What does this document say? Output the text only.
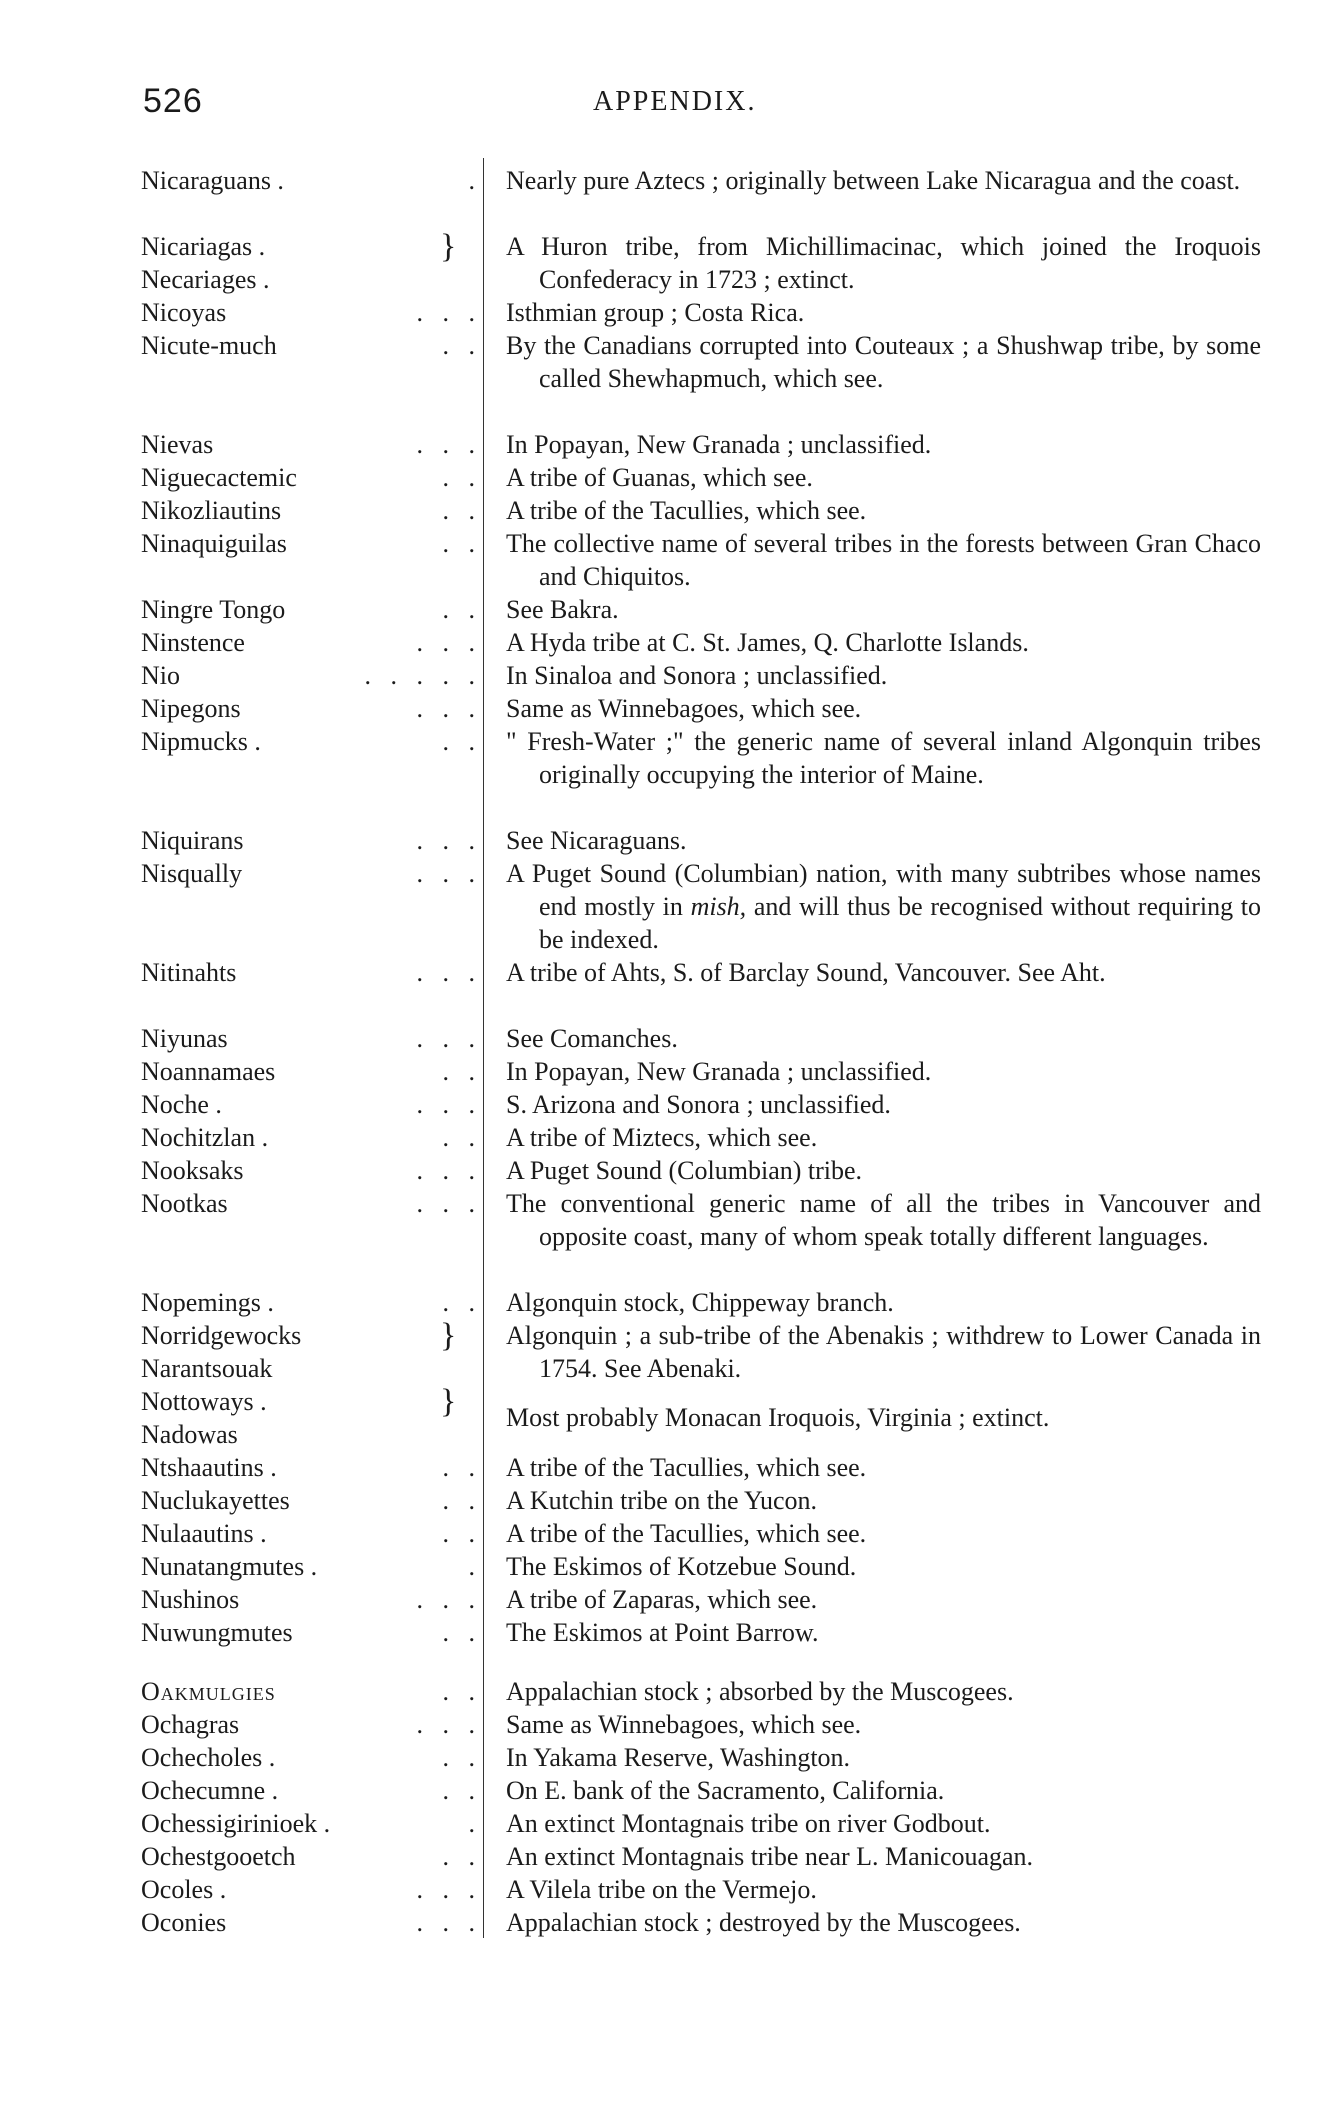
526	APPENDIX.
Nicaraguans .	. Nearly pure Aztecs ; originally between Lake Nicaragua and the coast.
Nicariagas .	} A Huron tribe, from Michillimacinac, which joined the Iroquois Confederacy in 1723 ; extinct.
Necariages .
Nicoyas	.   .   . Isthmian group ; Costa Rica.
Nicute-much	.   . By the Canadians corrupted into Couteaux ; a Shushwap tribe, by some called Shewhapmuch, which see.
Nievas	.   .   . In Popayan, New Granada ; unclassified.
Niguecactemic	.   . A tribe of Guanas, which see.
Nikozliautins	.   . A tribe of the Tacullies, which see.
Ninaquiguilas	.   . The collective name of several tribes in the forests between Gran Chaco and Chiquitos.
Ningre Tongo	.   . See Bakra.
Ninstence	.   .   . A Hyda tribe at C. St. James, Q. Charlotte Islands.
Nio	.   .   .   .   . In Sinaloa and Sonora ; unclassified.
Nipegons	.   .   . Same as Winnebagoes, which see.
Nipmucks .	.   . " Fresh-Water ;" the generic name of several inland Algonquin tribes originally occupying the interior of Maine.
Niquirans	.   .   . See Nicaraguans.
Nisqually	.   .   . A Puget Sound (Columbian) nation, with many subtribes whose names end mostly in mish, and will thus be recognised without requiring to be indexed.
Nitinahts	.   .   . A tribe of Ahts, S. of Barclay Sound, Vancouver. See Aht.
Niyunas	.   .   . See Comanches.
Noannamaes	.   . In Popayan, New Granada ; unclassified.
Noche .	.   .   . S. Arizona and Sonora ; unclassified.
Nochitzlan .	.   . A tribe of Miztecs, which see.
Nooksaks	.   .   . A Puget Sound (Columbian) tribe.
Nootkas	.   .   . The conventional generic name of all the tribes in Vancouver and opposite coast, many of whom speak totally different languages.
Nopemings .	.   . Algonquin stock, Chippeway branch.
Norridgewocks	} Algonquin ; a sub-tribe of the Abenakis ; withdrew to Lower Canada in 1754. See Abenaki.
Narantsouak
Nottoways .	} Most probably Monacan Iroquois, Virginia ; extinct.
Nadowas
Ntshaautins .	.   . A tribe of the Tacullies, which see.
Nuclukayettes	.   . A Kutchin tribe on the Yucon.
Nulaautins .	.   . A tribe of the Tacullies, which see.
Nunatangmutes .	. The Eskimos of Kotzebue Sound.
Nushinos	.   .   . A tribe of Zaparas, which see.
Nuwungmutes	.   . The Eskimos at Point Barrow.
Oakmulgies	.   . Appalachian stock ; absorbed by the Muscogees.
Ochagras	.   .   . Same as Winnebagoes, which see.
Ochecholes .	.   . In Yakama Reserve, Washington.
Ochecumne .	.   . On E. bank of the Sacramento, California.
Ochessigirinioek .	. An extinct Montagnais tribe on river Godbout.
Ochestgooetch	.   . An extinct Montagnais tribe near L. Manicouagan.
Ocoles .	.   .   . A Vilela tribe on the Vermejo.
Oconies	.   .   . Appalachian stock ; destroyed by the Muscogees.
